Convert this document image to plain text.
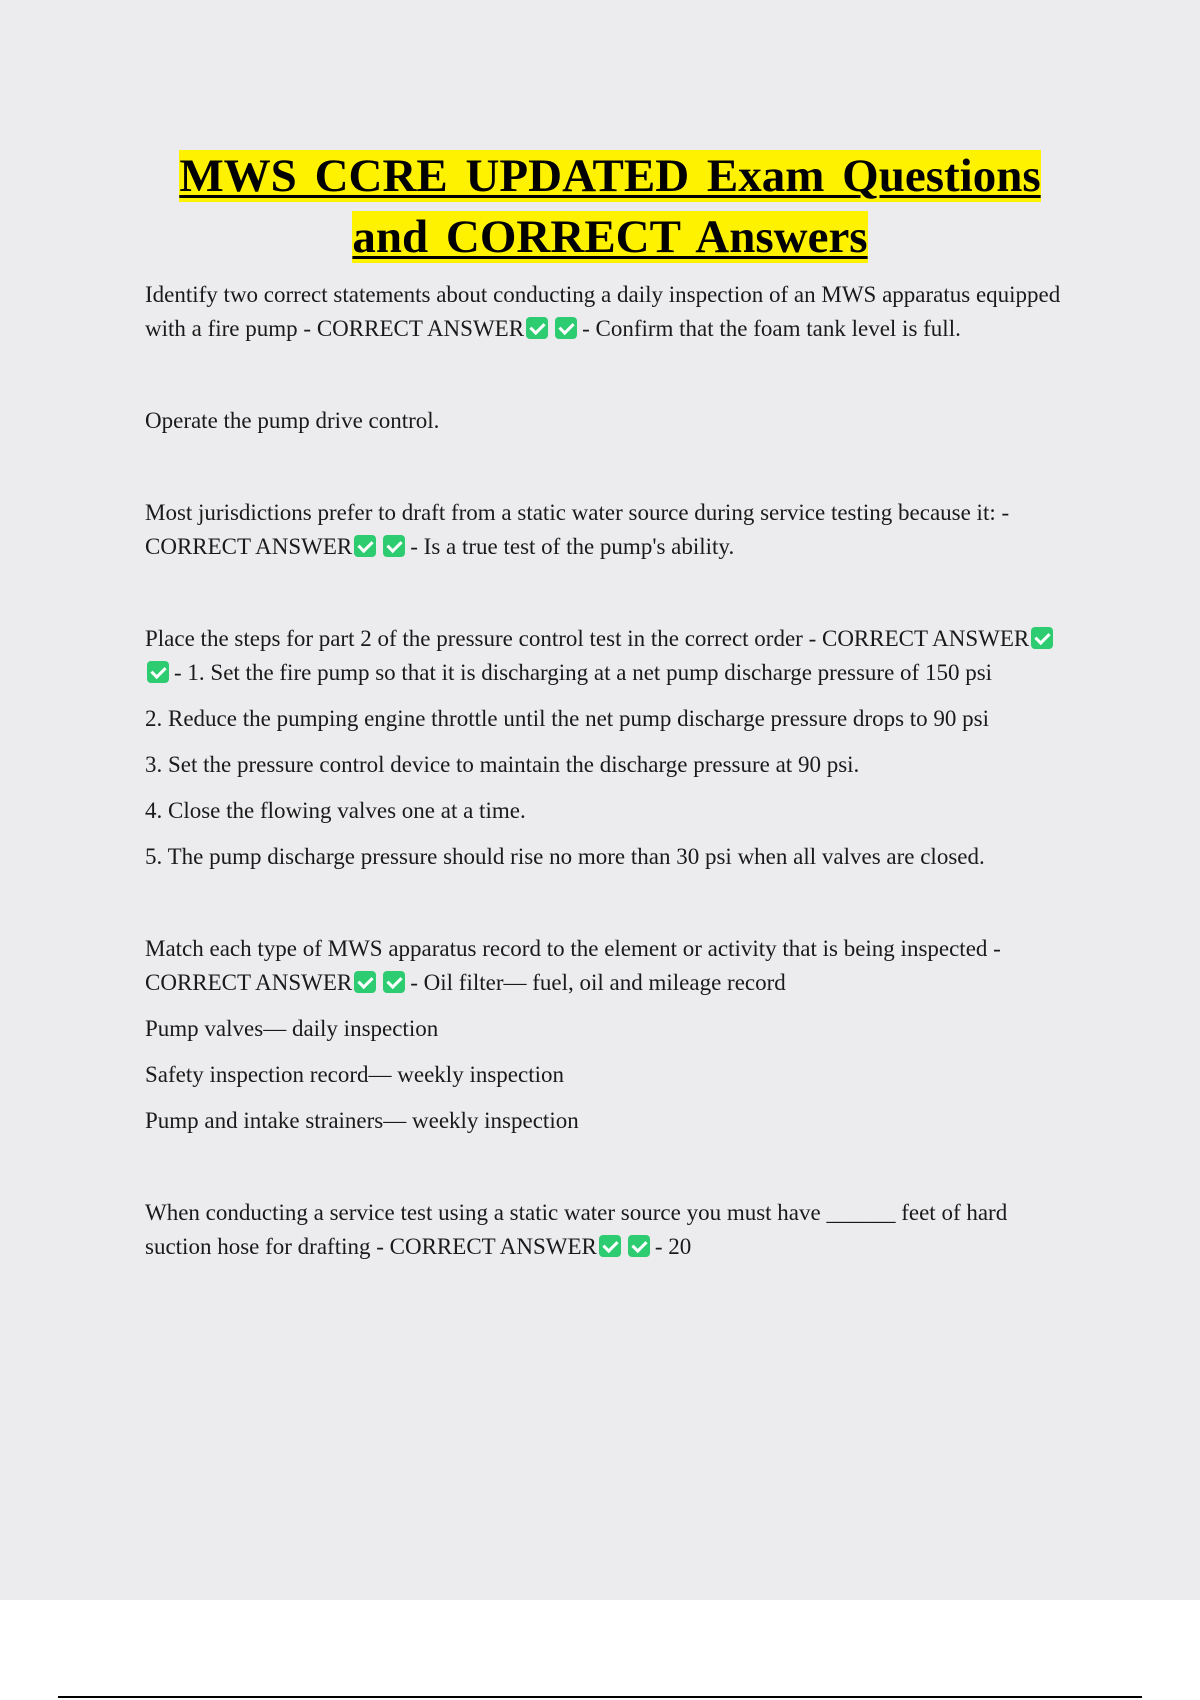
MWS CCRE UPDATED Exam Questions
and CORRECT Answers

Identify two correct statements about conducting a daily inspection of an MWS apparatus equipped with a fire pump - CORRECT ANSWER	- Confirm that the foam tank level is full.

Operate the pump drive control.

Most jurisdictions prefer to draft from a static water source during service testing because it: - CORRECT ANSWER	- Is a true test of the pump's ability.

Place the steps for part 2 of the pressure control test in the correct order - CORRECT ANSWER- 1. Set the fire pump so that it is discharging at a net pump discharge pressure of 150 psi

2. Reduce the pumping engine throttle until the net pump discharge pressure drops to 90 psi

3. Set the pressure control device to maintain the discharge pressure at 90 psi.

4. Close the flowing valves one at a time.

5. The pump discharge pressure should rise no more than 30 psi when all valves are closed.

Match each type of MWS apparatus record to the element or activity that is being inspected - CORRECT ANSWER	- Oil filter— fuel, oil and mileage record

Pump valves— daily inspection

Safety inspection record— weekly inspection

Pump and intake strainers— weekly inspection

When conducting a service test using a static water source you must have ______ feet of hard suction hose for drafting - CORRECT ANSWER	- 20
